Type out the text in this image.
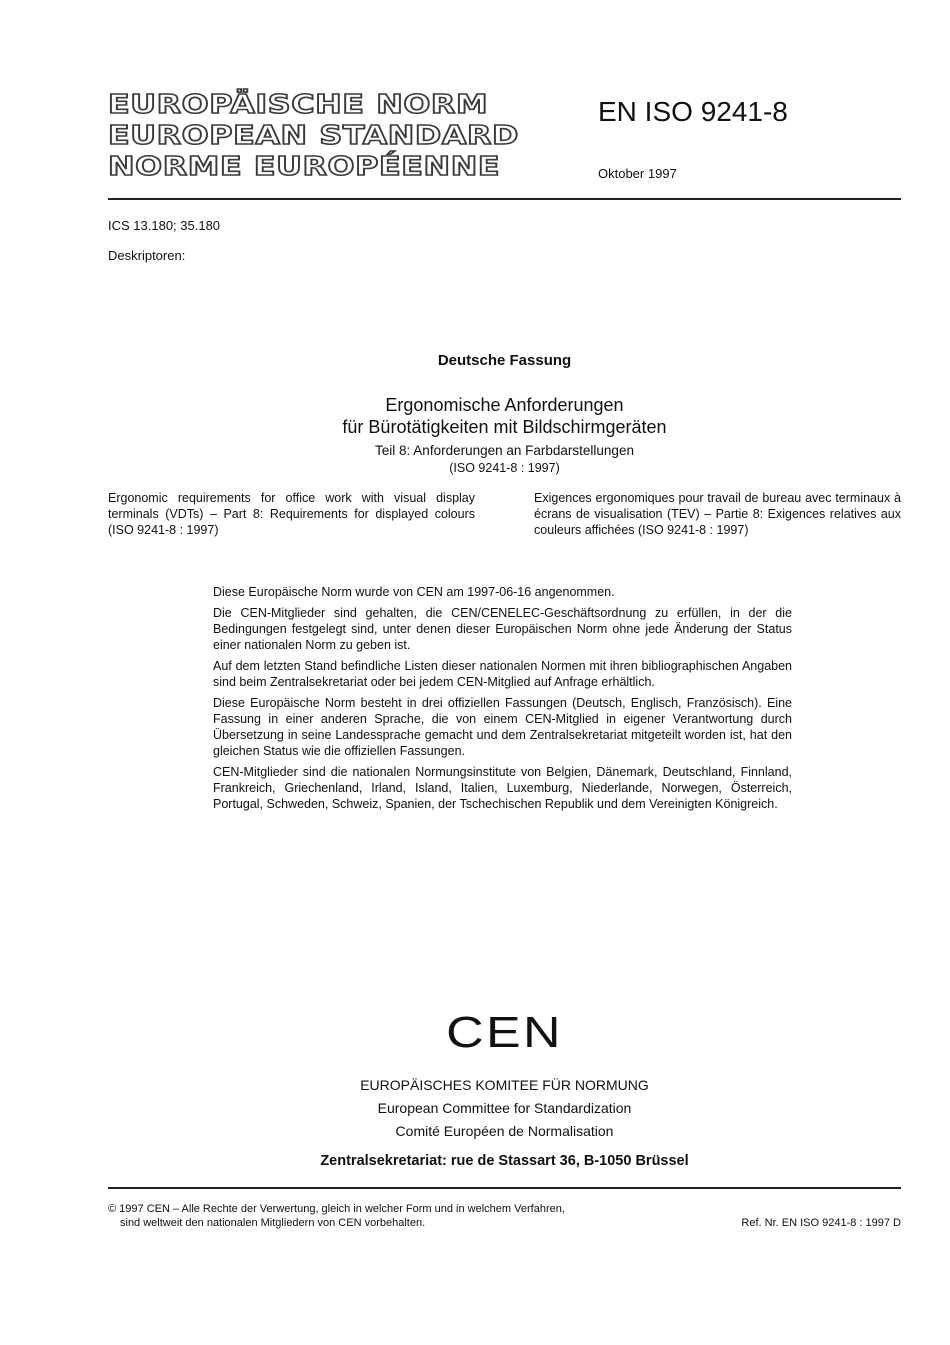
EUROPÄISCHE NORM
EUROPEAN STANDARD
NORME EUROPÉENNE
EN ISO 9241-8
Oktober 1997
ICS 13.180; 35.180
Deskriptoren:
Deutsche Fassung
Ergonomische Anforderungen
für Bürotätigkeiten mit Bildschirmgeräten
Teil 8: Anforderungen an Farbdarstellungen
(ISO 9241-8 : 1997)
Ergonomic requirements for office work with visual display terminals (VDTs) – Part 8: Requirements for displayed colours (ISO 9241-8 : 1997)
Exigences ergonomiques pour travail de bureau avec terminaux à écrans de visualisation (TEV) – Partie 8: Exigences relatives aux couleurs affichées (ISO 9241-8 : 1997)

Diese Europäische Norm wurde von CEN am 1997-06-16 angenommen.

Die CEN-Mitglieder sind gehalten, die CEN/CENELEC-Geschäftsordnung zu erfüllen, in der die Bedingungen festgelegt sind, unter denen dieser Europäischen Norm ohne jede Änderung der Status einer nationalen Norm zu geben ist.

Auf dem letzten Stand befindliche Listen dieser nationalen Normen mit ihren bibliographischen Angaben sind beim Zentralsekretariat oder bei jedem CEN-Mitglied auf Anfrage erhältlich.

Diese Europäische Norm besteht in drei offiziellen Fassungen (Deutsch, Englisch, Französisch). Eine Fassung in einer anderen Sprache, die von einem CEN-Mitglied in eigener Verantwortung durch Übersetzung in seine Landessprache gemacht und dem Zentralsekretariat mitgeteilt worden ist, hat den gleichen Status wie die offiziellen Fassungen.

CEN-Mitglieder sind die nationalen Normungsinstitute von Belgien, Dänemark, Deutschland, Finnland, Frankreich, Griechenland, Irland, Island, Italien, Luxemburg, Niederlande, Norwegen, Österreich, Portugal, Schweden, Schweiz, Spanien, der Tschechischen Republik und dem Vereinigten Königreich.

CEN
EUROPÄISCHES KOMITEE FÜR NORMUNG
European Committee for Standardization
Comité Européen de Normalisation
Zentralsekretariat: rue de Stassart 36, B-1050 Brüssel
© 1997 CEN – Alle Rechte der Verwertung, gleich in welcher Form und in welchem Verfahren,
sind weltweit den nationalen Mitgliedern von CEN vorbehalten.	Ref. Nr. EN ISO 9241-8 : 1997 D
